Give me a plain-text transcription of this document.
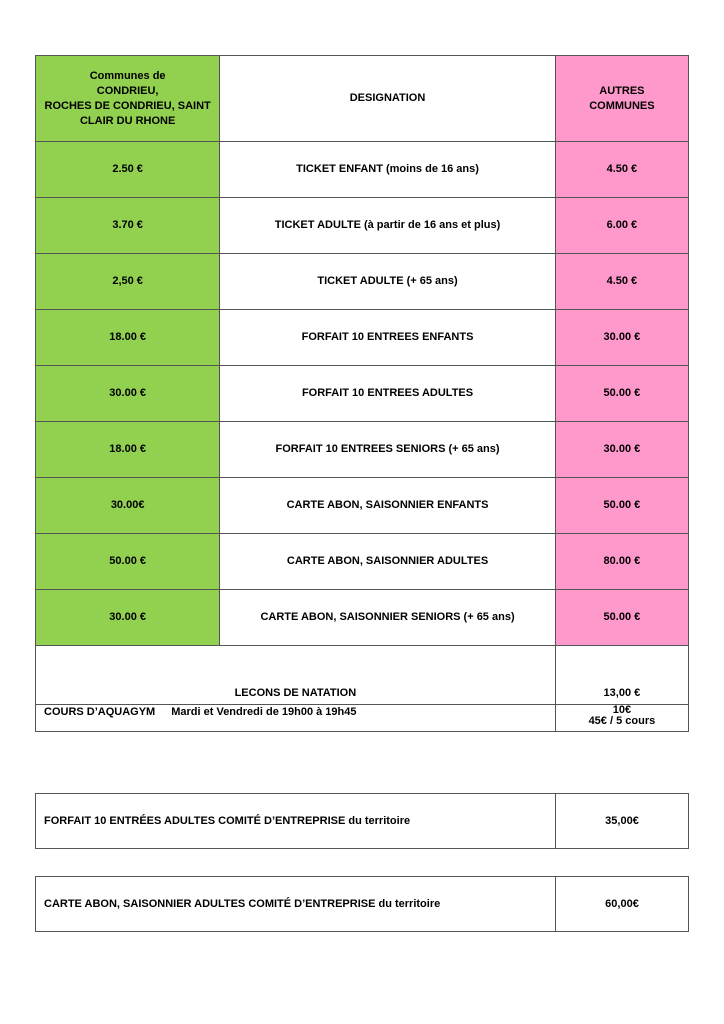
Communes de
CONDRIEU,
ROCHES DE CONDRIEU, SAINT
CLAIR DU RHONE	DESIGNATION	AUTRES
COMMUNES
2.50 €	TICKET ENFANT (moins de 16 ans)	4.50 €
3.70 €	TICKET ADULTE (à partir de 16 ans et plus)	6.00 €
2,50 €	TICKET ADULTE (+ 65 ans)	4.50 €
18.00 €	FORFAIT 10 ENTREES ENFANTS	30.00 €
30.00 €	FORFAIT 10 ENTREES ADULTES	50.00 €
18.00 €	FORFAIT 10 ENTREES SENIORS (+ 65 ans)	30.00 €
30.00€	CARTE ABON, SAISONNIER ENFANTS	50.00 €
50.00 €	CARTE ABON, SAISONNIER ADULTES	80.00 €
30.00 €	CARTE ABON, SAISONNIER SENIORS (+ 65 ans)	50.00 €
LECONS DE NATATION		13,00 €
COURS D’AQUAGYM Mardi et Vendredi de 19h00 à 19h45		10€
45€ / 5 cours
FORFAIT 10 ENTRÉES ADULTES COMITÉ D’ENTREPRISE du territoire	35,00€
CARTE ABON, SAISONNIER ADULTES COMITÉ D’ENTREPRISE du territoire	60,00€
